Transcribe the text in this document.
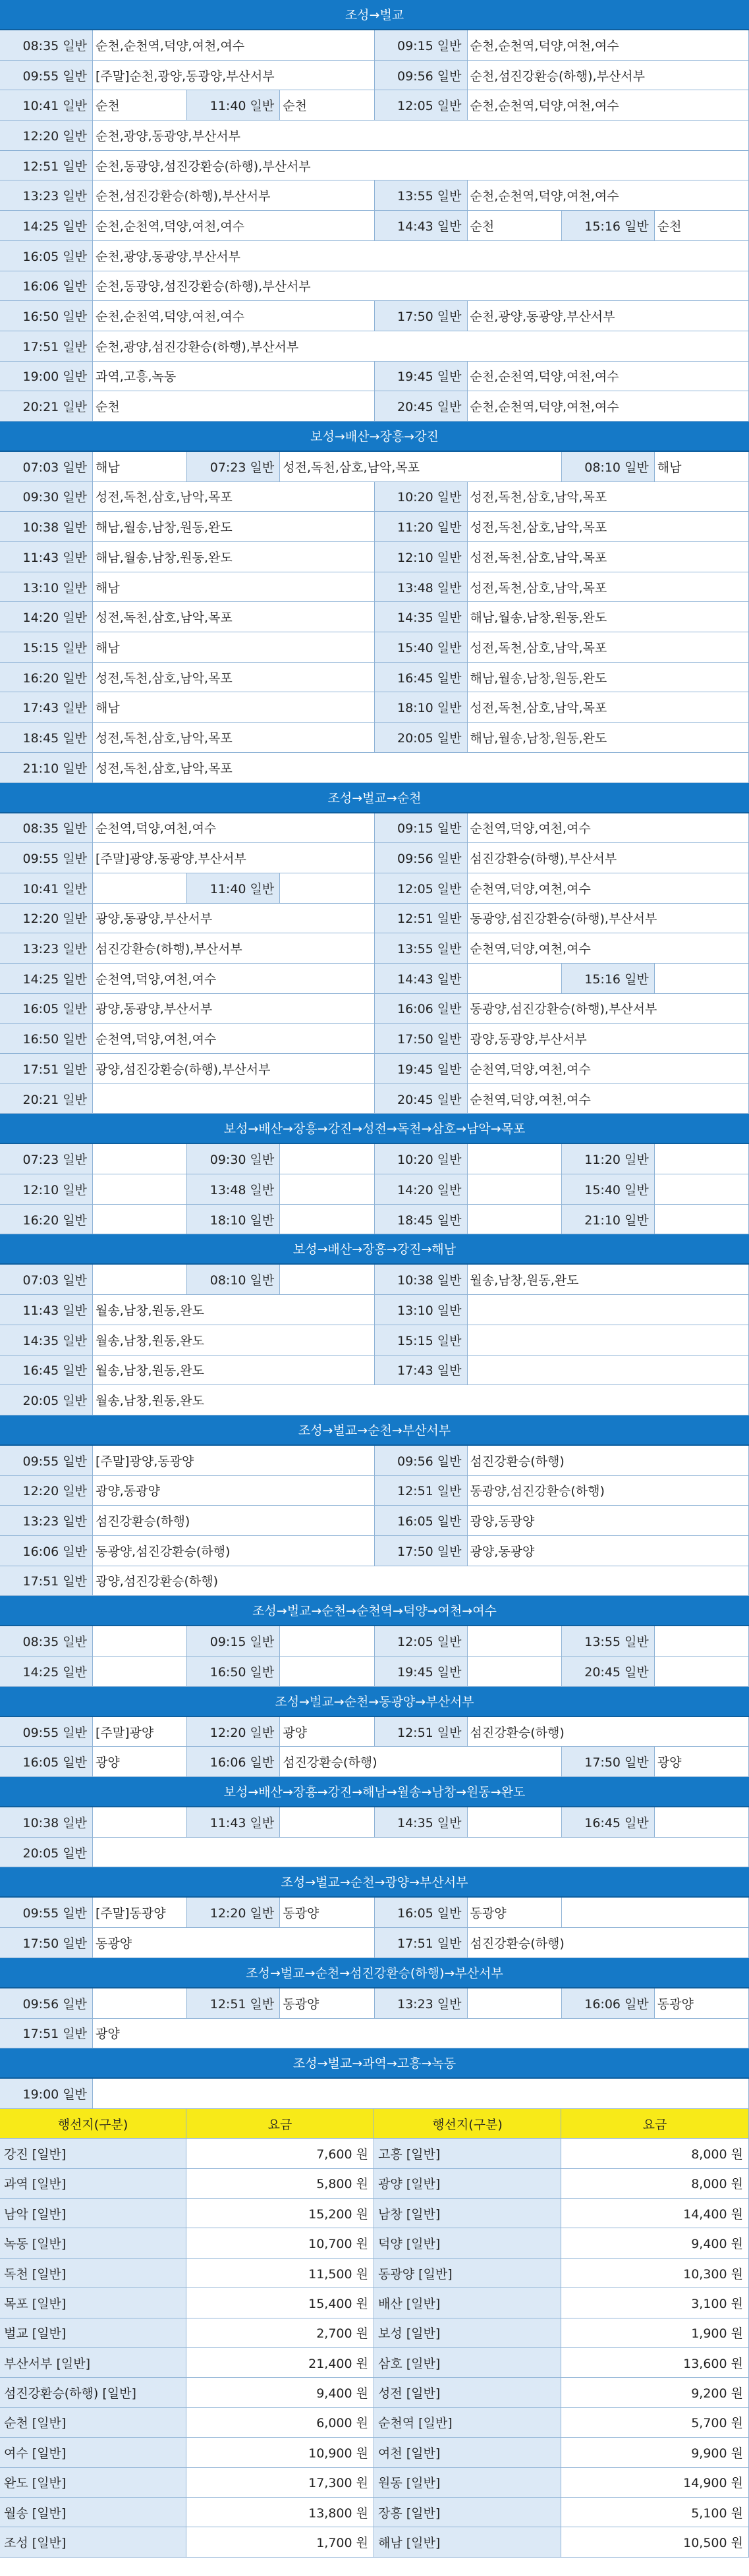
조성→벌교
08:35 일반 순천,순천역,덕양,여천,여수	09:15 일반 순천,순천역,덕양,여천,여수
09:55 일반 [주말]순천,광양,동광양,부산서부	09:56 일반 순천,섬진강환승(하행),부산서부
10:41 일반 순천	11:40 일반 순천	12:05 일반 순천,순천역,덕양,여천,여수
12:20 일반 순천,광양,동광양,부산서부
12:51 일반 순천,동광양,섬진강환승(하행),부산서부
13:23 일반 순천,섬진강환승(하행),부산서부	13:55 일반 순천,순천역,덕양,여천,여수
14:25 일반 순천,순천역,덕양,여천,여수	14:43 일반 순천	15:16 일반 순천
16:05 일반 순천,광양,동광양,부산서부
16:06 일반 순천,동광양,섬진강환승(하행),부산서부
16:50 일반 순천,순천역,덕양,여천,여수	17:50 일반 순천,광양,동광양,부산서부
17:51 일반 순천,광양,섬진강환승(하행),부산서부
19:00 일반 과역,고흥,녹동	19:45 일반 순천,순천역,덕양,여천,여수
20:21 일반 순천	20:45 일반 순천,순천역,덕양,여천,여수
보성→배산→장흥→강진
07:03 일반 해남	07:23 일반 성전,독천,삼호,남악,목포	08:10 일반 해남
09:30 일반 성전,독천,삼호,남악,목포	10:20 일반 성전,독천,삼호,남악,목포
10:38 일반 해남,월송,남창,원동,완도	11:20 일반 성전,독천,삼호,남악,목포
11:43 일반 해남,월송,남창,원동,완도	12:10 일반 성전,독천,삼호,남악,목포
13:10 일반 해남	13:48 일반 성전,독천,삼호,남악,목포
14:20 일반 성전,독천,삼호,남악,목포	14:35 일반 해남,월송,남창,원동,완도
15:15 일반 해남	15:40 일반 성전,독천,삼호,남악,목포
16:20 일반 성전,독천,삼호,남악,목포	16:45 일반 해남,월송,남창,원동,완도
17:43 일반 해남	18:10 일반 성전,독천,삼호,남악,목포
18:45 일반 성전,독천,삼호,남악,목포	20:05 일반 해남,월송,남창,원동,완도
21:10 일반 성전,독천,삼호,남악,목포
조성→벌교→순천
08:35 일반 순천역,덕양,여천,여수	09:15 일반 순천역,덕양,여천,여수
09:55 일반 [주말]광양,동광양,부산서부	09:56 일반 섬진강환승(하행),부산서부
10:41 일반	11:40 일반	12:05 일반 순천역,덕양,여천,여수
12:20 일반 광양,동광양,부산서부	12:51 일반 동광양,섬진강환승(하행),부산서부
13:23 일반 섬진강환승(하행),부산서부	13:55 일반 순천역,덕양,여천,여수
14:25 일반 순천역,덕양,여천,여수	14:43 일반	15:16 일반
16:05 일반 광양,동광양,부산서부	16:06 일반 동광양,섬진강환승(하행),부산서부
16:50 일반 순천역,덕양,여천,여수	17:50 일반 광양,동광양,부산서부
17:51 일반 광양,섬진강환승(하행),부산서부	19:45 일반 순천역,덕양,여천,여수
20:21 일반	20:45 일반 순천역,덕양,여천,여수
보성→배산→장흥→강진→성전→독천→삼호→남악→목포
07:23 일반	09:30 일반	10:20 일반	11:20 일반
12:10 일반	13:48 일반	14:20 일반	15:40 일반
16:20 일반	18:10 일반	18:45 일반	21:10 일반
보성→배산→장흥→강진→해남
07:03 일반	08:10 일반	10:38 일반 월송,남창,원동,완도
11:43 일반 월송,남창,원동,완도	13:10 일반
14:35 일반 월송,남창,원동,완도	15:15 일반
16:45 일반 월송,남창,원동,완도	17:43 일반
20:05 일반 월송,남창,원동,완도
조성→벌교→순천→부산서부
09:55 일반 [주말]광양,동광양	09:56 일반 섬진강환승(하행)
12:20 일반 광양,동광양	12:51 일반 동광양,섬진강환승(하행)
13:23 일반 섬진강환승(하행)	16:05 일반 광양,동광양
16:06 일반 동광양,섬진강환승(하행)	17:50 일반 광양,동광양
17:51 일반 광양,섬진강환승(하행)
조성→벌교→순천→순천역→덕양→여천→여수
08:35 일반	09:15 일반	12:05 일반	13:55 일반
14:25 일반	16:50 일반	19:45 일반	20:45 일반
조성→벌교→순천→동광양→부산서부
09:55 일반 [주말]광양	12:20 일반 광양	12:51 일반 섬진강환승(하행)
16:05 일반 광양	16:06 일반 섬진강환승(하행)	17:50 일반 광양
보성→배산→장흥→강진→해남→월송→남창→원동→완도
10:38 일반	11:43 일반	14:35 일반	16:45 일반
20:05 일반
조성→벌교→순천→광양→부산서부
09:55 일반 [주말]동광양	12:20 일반 동광양	16:05 일반 동광양
17:50 일반 동광양	17:51 일반 섬진강환승(하행)
조성→벌교→순천→섬진강환승(하행)→부산서부
09:56 일반	12:51 일반 동광양	13:23 일반	16:06 일반 동광양
17:51 일반 광양
조성→벌교→과역→고흥→녹동
19:00 일반
행선지(구분)	요금	행선지(구분)	요금
강진 [일반]	7,600 원 고흥 [일반]	8,000 원
과역 [일반]	5,800 원 광양 [일반]	8,000 원
남악 [일반]	15,200 원 남창 [일반]	14,400 원
녹동 [일반]	10,700 원 덕양 [일반]	9,400 원
독천 [일반]	11,500 원 동광양 [일반]	10,300 원
목포 [일반]	15,400 원 배산 [일반]	3,100 원
벌교 [일반]	2,700 원 보성 [일반]	1,900 원
부산서부 [일반]	21,400 원 삼호 [일반]	13,600 원
섬진강환승(하행) [일반]	9,400 원 성전 [일반]	9,200 원
순천 [일반]	6,000 원 순천역 [일반]	5,700 원
여수 [일반]	10,900 원 여천 [일반]	9,900 원
완도 [일반]	17,300 원 원동 [일반]	14,900 원
월송 [일반]	13,800 원 장흥 [일반]	5,100 원
조성 [일반]	1,700 원 해남 [일반]	10,500 원
